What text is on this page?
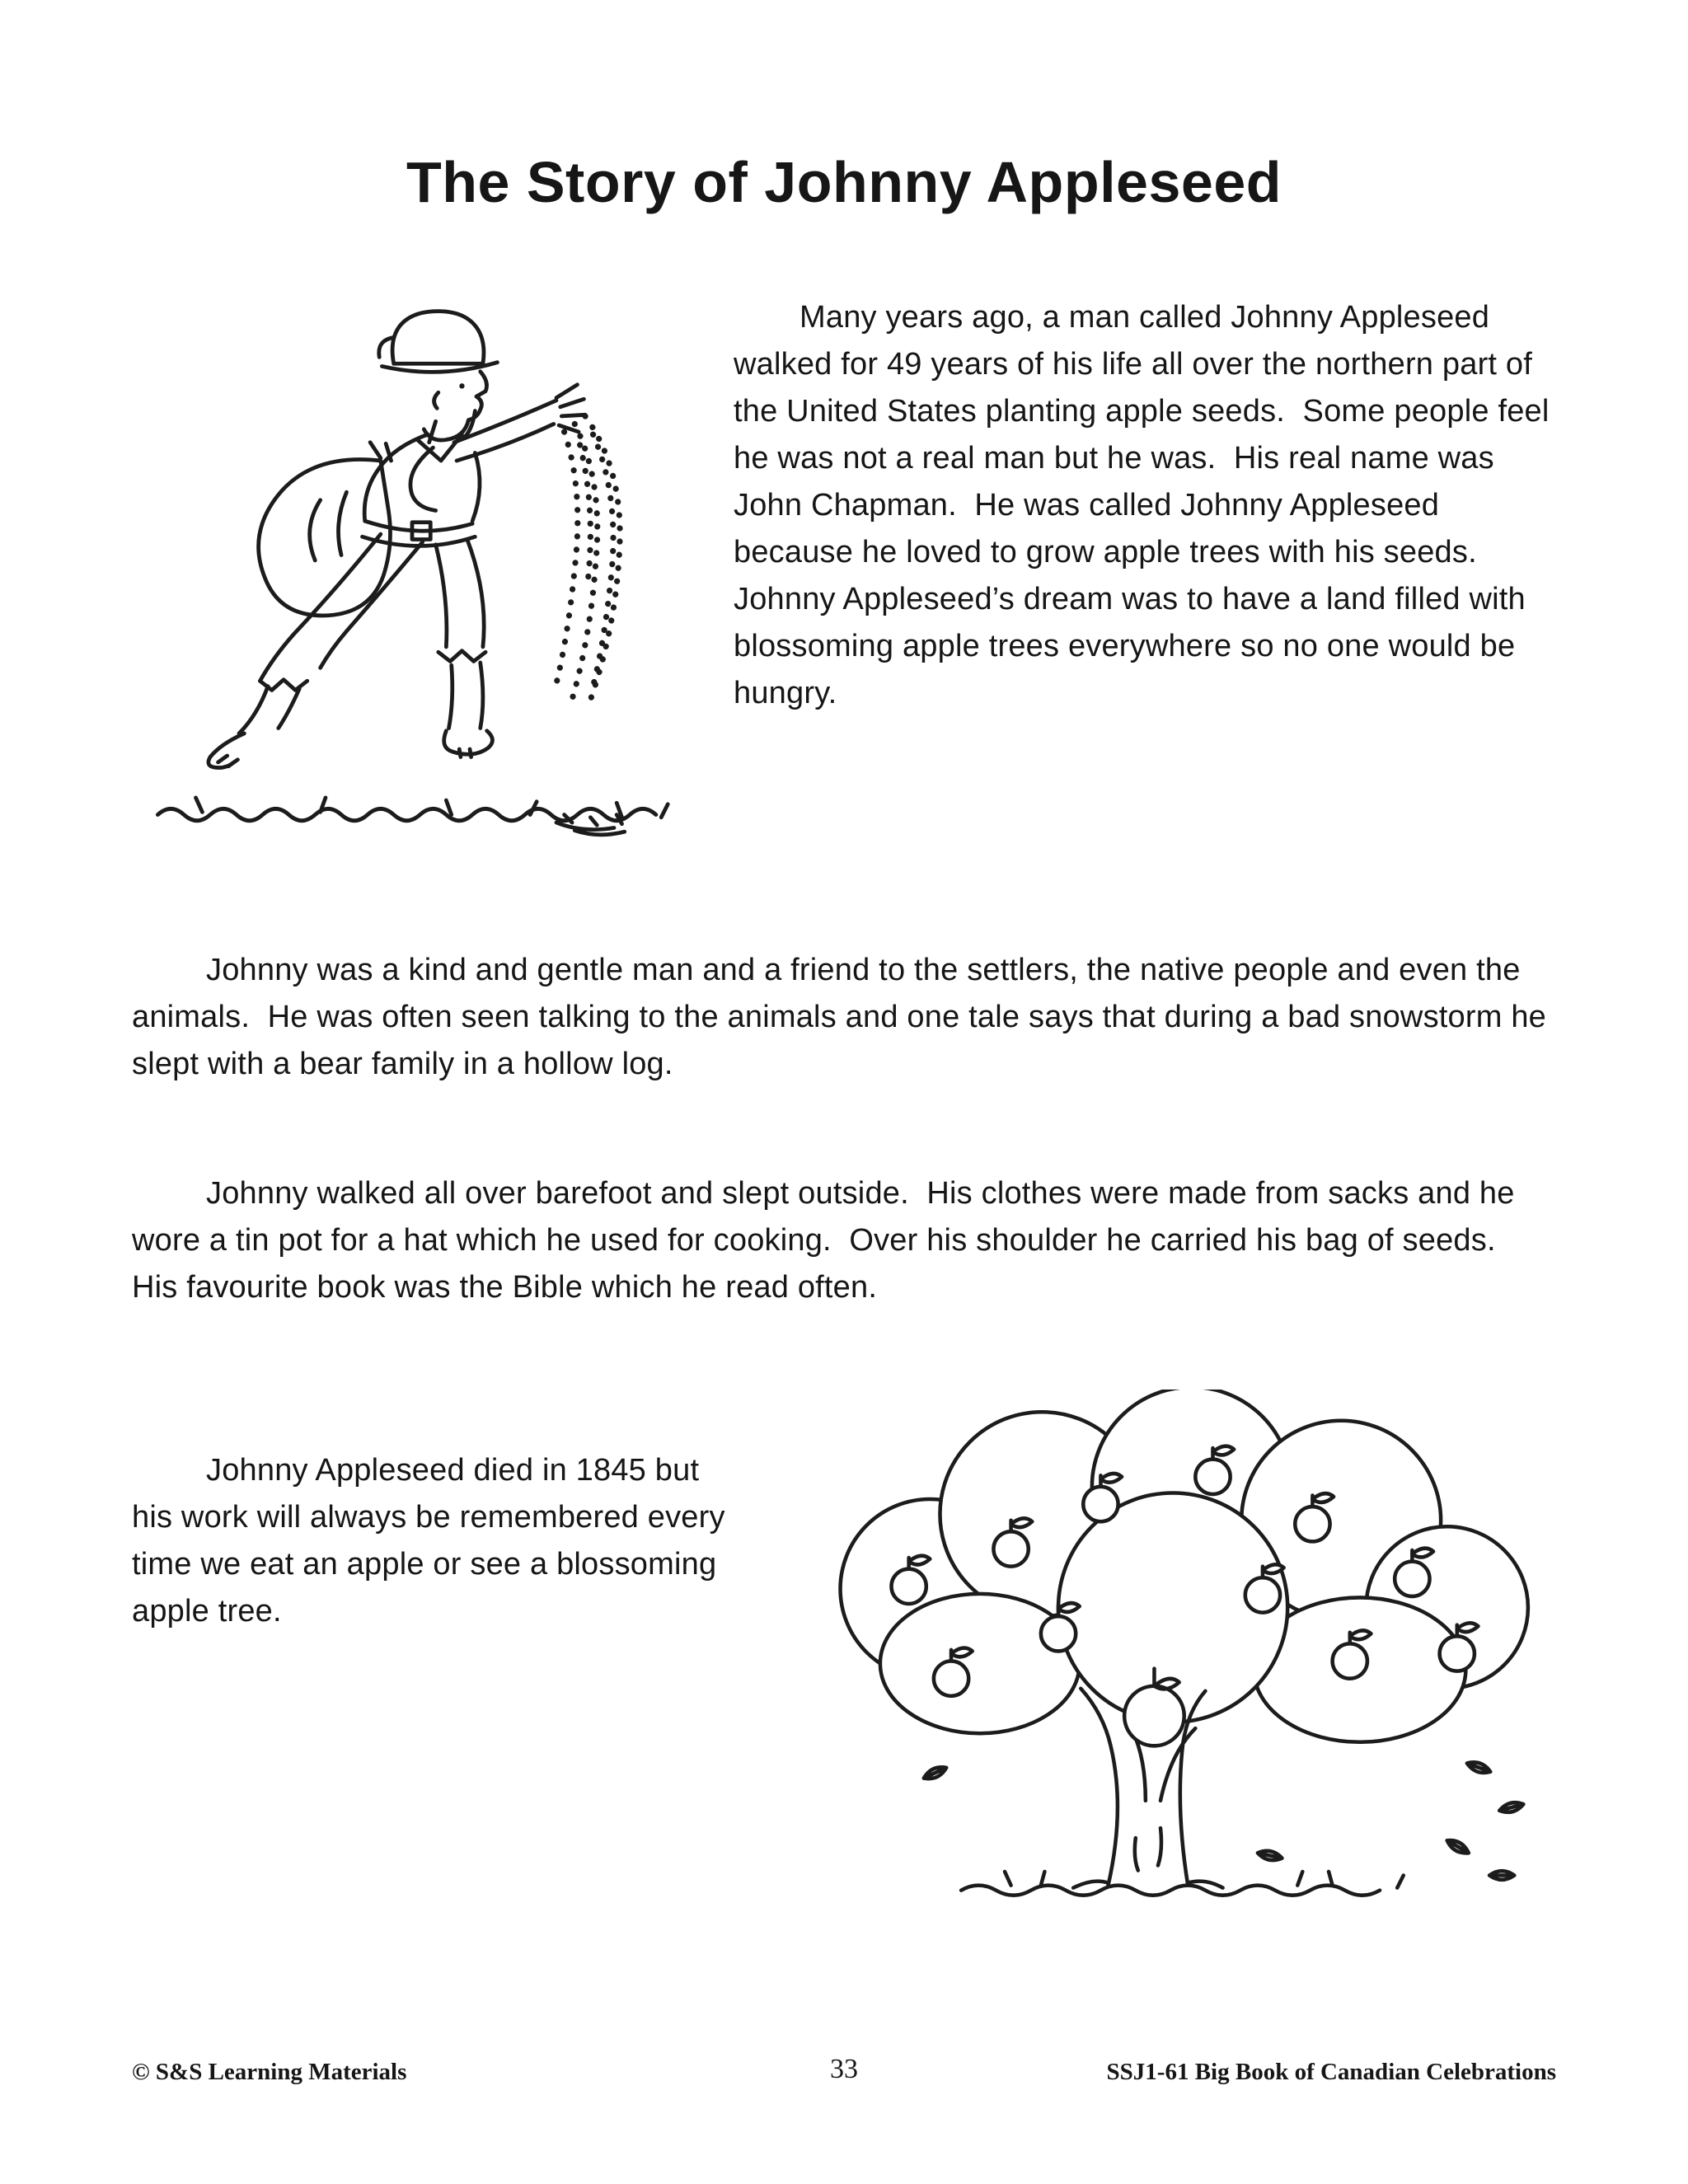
The Story of Johnny Appleseed

Many years ago, a man called Johnny Appleseed walked for 49 years of his life all over the northern part of the United States planting apple seeds.  Some people feel he was not a real man but he was.  His real name was John Chapman.  He was called Johnny Appleseed because he loved to grow apple trees with his seeds.  Johnny Appleseed’s dream was to have a land filled with blossoming apple trees everywhere so no one would be hungry.

Johnny was a kind and gentle man and a friend to the settlers, the native people and even the animals.  He was often seen talking to the animals and one tale says that during a bad snowstorm he slept with a bear family in a hollow log.

Johnny walked all over barefoot and slept outside.  His clothes were made from sacks and he wore a tin pot for a hat which he used for cooking.  Over his shoulder he carried his bag of seeds.  His favourite book was the Bible which he read often.

Johnny Appleseed died in 1845 but his work will always be remembered every time we eat an apple or see a blossoming apple tree.

© S&S Learning Materials	33	SSJ1-61 Big Book of Canadian Celebrations
